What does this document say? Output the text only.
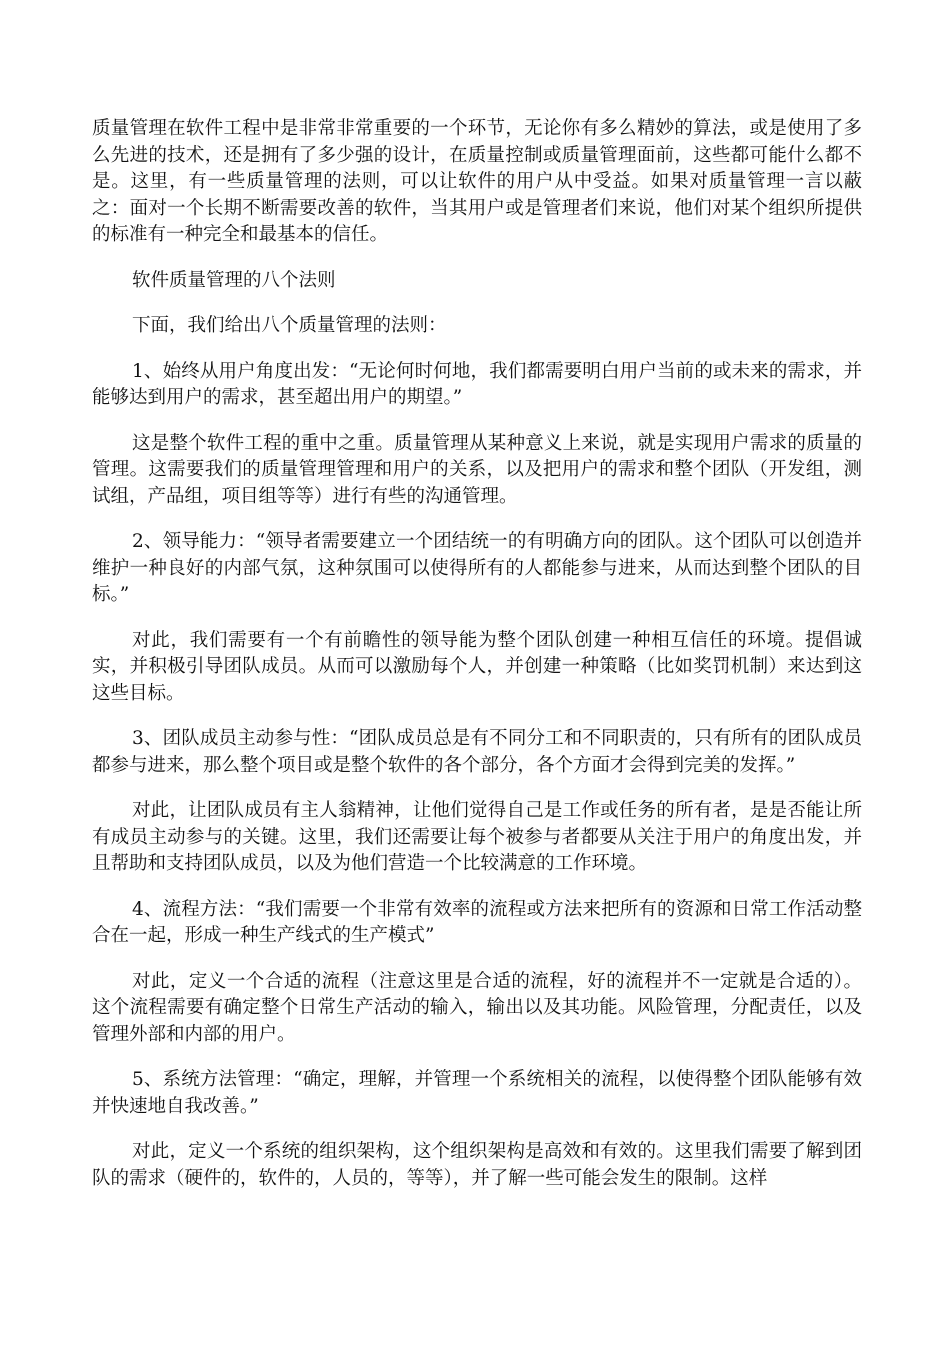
质量管理在软件工程中是非常非常重要的一个环节，无论你有多么精妙的算法，或是使用了多么先进的技术，还是拥有了多少强的设计，在质量控制或质量管理面前，这些都可能什么都不是。这里，有一些质量管理的法则，可以让软件的用户从中受益。如果对质量管理一言以蔽之：面对一个长期不断需要改善的软件，当其用户或是管理者们来说，他们对某个组织所提供的标准有一种完全和最基本的信任。

软件质量管理的八个法则

下面，我们给出八个质量管理的法则：

1、始终从用户角度出发：“无论何时何地，我们都需要明白用户当前的或未来的需求，并能够达到用户的需求，甚至超出用户的期望。”

这是整个软件工程的重中之重。质量管理从某种意义上来说，就是实现用户需求的质量的管理。这需要我们的质量管理管理和用户的关系，以及把用户的需求和整个团队（开发组，测试组，产品组，项目组等等）进行有些的沟通管理。

2、领导能力：“领导者需要建立一个团结统一的有明确方向的团队。这个团队可以创造并维护一种良好的内部气氛，这种氛围可以使得所有的人都能参与进来，从而达到整个团队的目标。”

对此，我们需要有一个有前瞻性的领导能为整个团队创建一种相互信任的环境。提倡诚实，并积极引导团队成员。从而可以激励每个人，并创建一种策略（比如奖罚机制）来达到这这些目标。

3、团队成员主动参与性：“团队成员总是有不同分工和不同职责的，只有所有的团队成员都参与进来，那么整个项目或是整个软件的各个部分，各个方面才会得到完美的发挥。”

对此，让团队成员有主人翁精神，让他们觉得自己是工作或任务的所有者，是是否能让所有成员主动参与的关键。这里，我们还需要让每个被参与者都要从关注于用户的角度出发，并且帮助和支持团队成员，以及为他们营造一个比较满意的工作环境。

4、流程方法：“我们需要一个非常有效率的流程或方法来把所有的资源和日常工作活动整合在一起，形成一种生产线式的生产模式”

对此，定义一个合适的流程（注意这里是合适的流程，好的流程并不一定就是合适的）。这个流程需要有确定整个日常生产活动的输入，输出以及其功能。风险管理，分配责任，以及管理外部和内部的用户。

5、系统方法管理：“确定，理解，并管理一个系统相关的流程，以使得整个团队能够有效并快速地自我改善。”

对此，定义一个系统的组织架构，这个组织架构是高效和有效的。这里我们需要了解到团队的需求（硬件的，软件的，人员的，等等），并了解一些可能会发生的限制。这样
